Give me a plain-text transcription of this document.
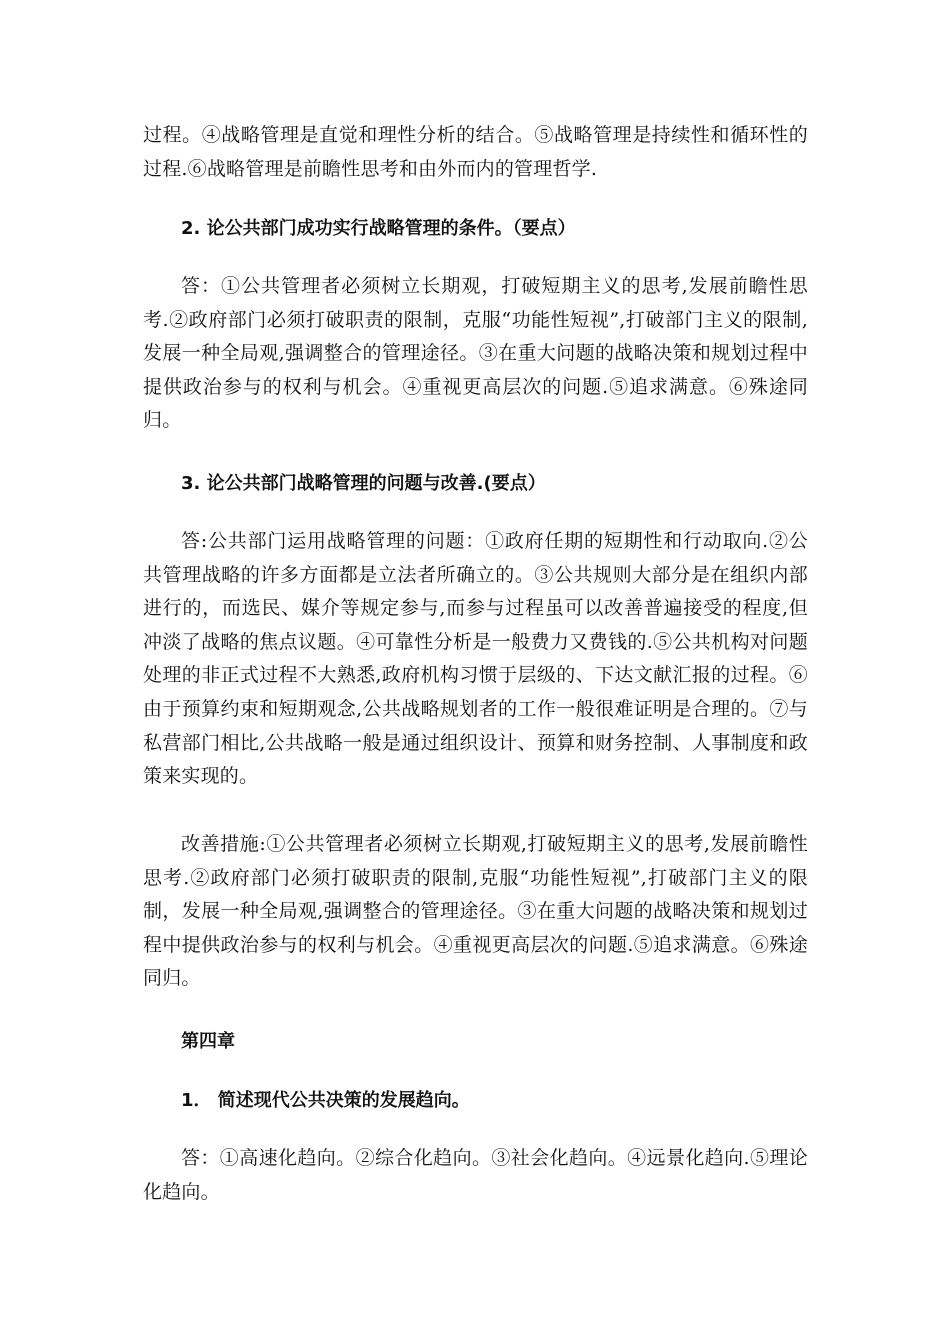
过程。④战略管理是直觉和理性分析的结合。⑤战略管理是持续性和循环性的过程.⑥战略管理是前瞻性思考和由外而内的管理哲学.

2. 论公共部门成功实行战略管理的条件。（要点）

答：①公共管理者必须树立长期观，打破短期主义的思考,发展前瞻性思考.②政府部门必须打破职责的限制，克服“功能性短视”,打破部门主义的限制,发展一种全局观,强调整合的管理途径。③在重大问题的战略决策和规划过程中提供政治参与的权利与机会。④重视更高层次的问题.⑤追求满意。⑥殊途同归。

3. 论公共部门战略管理的问题与改善.(要点）

答:公共部门运用战略管理的问题：①政府任期的短期性和行动取向.②公共管理战略的许多方面都是立法者所确立的。③公共规则大部分是在组织内部进行的，而选民、媒介等规定参与,而参与过程虽可以改善普遍接受的程度,但冲淡了战略的焦点议题。④可靠性分析是一般费力又费钱的.⑤公共机构对问题处理的非正式过程不大熟悉,政府机构习惯于层级的、下达文献汇报的过程。⑥由于预算约束和短期观念,公共战略规划者的工作一般很难证明是合理的。⑦与私营部门相比,公共战略一般是通过组织设计、预算和财务控制、人事制度和政策来实现的。

改善措施:①公共管理者必须树立长期观,打破短期主义的思考,发展前瞻性思考.②政府部门必须打破职责的限制,克服“功能性短视”,打破部门主义的限制，发展一种全局观,强调整合的管理途径。③在重大问题的战略决策和规划过程中提供政治参与的权利与机会。④重视更高层次的问题.⑤追求满意。⑥殊途同归。

第四章

1． 简述现代公共决策的发展趋向。

答：①高速化趋向。②综合化趋向。③社会化趋向。④远景化趋向.⑤理论化趋向。
